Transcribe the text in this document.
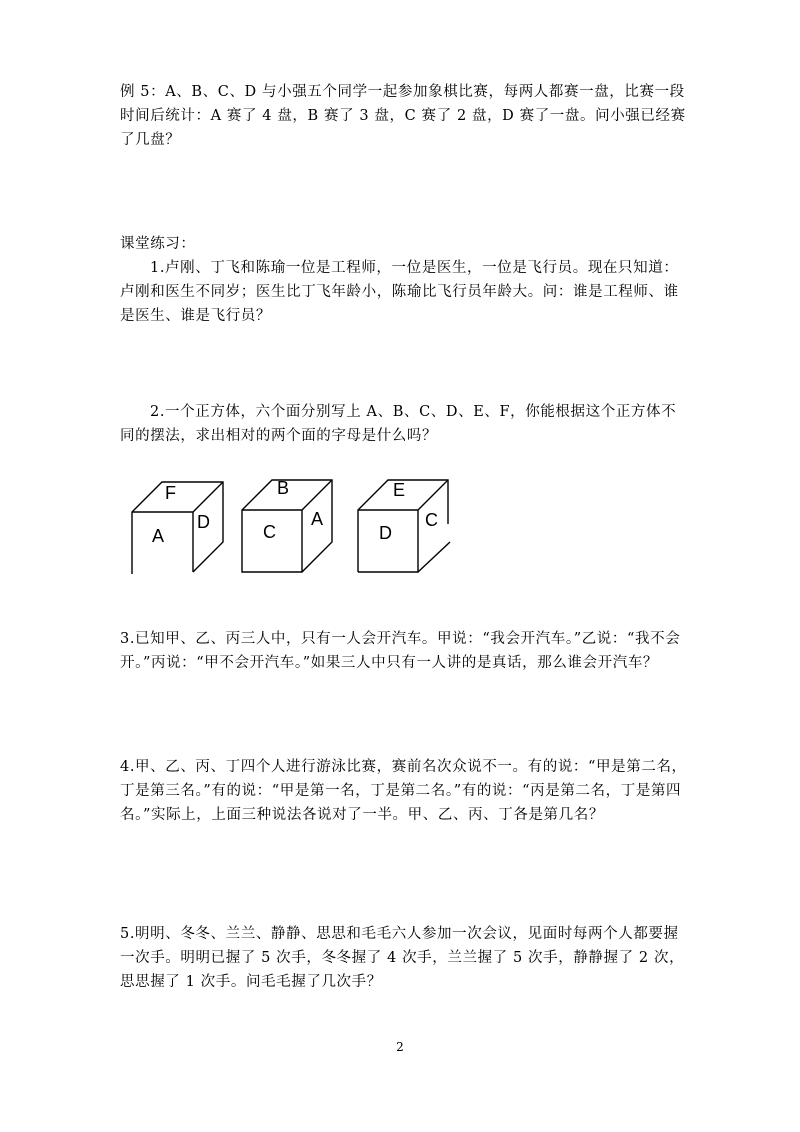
例 5：A、B、C、D 与小强五个同学一起参加象棋比赛，每两人都赛一盘，比赛一段时间后统计：A 赛了 4 盘，B 赛了 3 盘，C 赛了 2 盘，D 赛了一盘。问小强已经赛了几盘？

课堂练习：

1.卢刚、丁飞和陈瑜一位是工程师，一位是医生，一位是飞行员。现在只知道：卢刚和医生不同岁；医生比丁飞年龄小，陈瑜比飞行员年龄大。问：谁是工程师、谁是医生、谁是飞行员？

2.一个正方体，六个面分别写上 A、B、C、D、E、F，你能根据这个正方体不同的摆法，求出相对的两个面的字母是什么吗？

F
A
D
B
C
A
E
D
C

3.已知甲、乙、丙三人中，只有一人会开汽车。甲说：“我会开汽车。”乙说：“我不会开。”丙说：“甲不会开汽车。”如果三人中只有一人讲的是真话，那么谁会开汽车？

4.甲、乙、丙、丁四个人进行游泳比赛，赛前名次众说不一。有的说：“甲是第二名，丁是第三名。”有的说：“甲是第一名，丁是第二名。”有的说：“丙是第二名，丁是第四名。”实际上，上面三种说法各说对了一半。甲、乙、丙、丁各是第几名？

5.明明、冬冬、兰兰、静静、思思和毛毛六人参加一次会议，见面时每两个人都要握一次手。明明已握了 5 次手，冬冬握了 4 次手，兰兰握了 5 次手，静静握了 2 次，思思握了 1 次手。问毛毛握了几次手？

2
